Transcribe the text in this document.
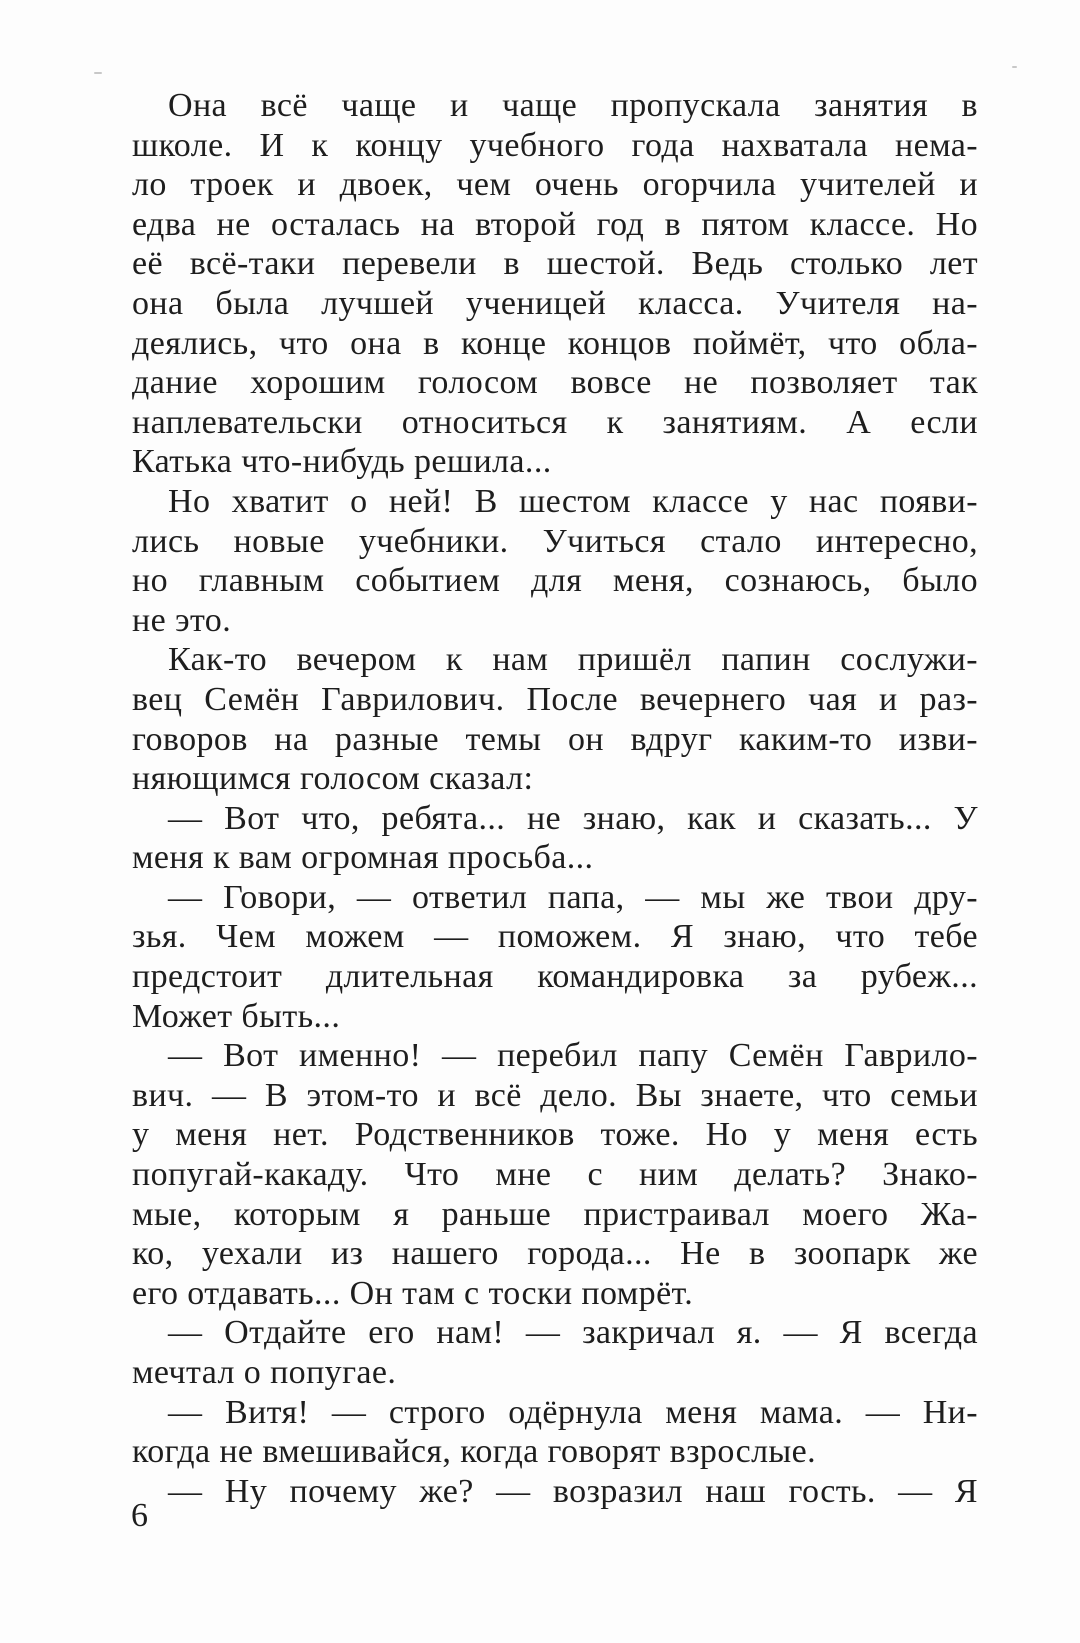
Она всё чаще и чаще пропускала занятия в
школе. И к концу учебного года нахватала нема-
ло троек и двоек, чем очень огорчила учителей и
едва не осталась на второй год в пятом классе. Но
её всё-таки перевели в шестой. Ведь столько лет
она была лучшей ученицей класса. Учителя на-
деялись, что она в конце концов поймёт, что обла-
дание хорошим голосом вовсе не позволяет так
наплевательски относиться к занятиям. А если
Катька что-нибудь решила...
Но хватит о ней! В шестом классе у нас появи-
лись новые учебники. Учиться стало интересно,
но главным событием для меня, сознаюсь, было
не это.
Как-то вечером к нам пришёл папин сослужи-
вец Семён Гаврилович. После вечернего чая и раз-
говоров на разные темы он вдруг каким-то изви-
няющимся голосом сказал:
— Вот что, ребята... не знаю, как и сказать... У
меня к вам огромная просьба...
— Говори, — ответил папа, — мы же твои дру-
зья. Чем можем — поможем. Я знаю, что тебе
предстоит длительная командировка за рубеж...
Может быть...
— Вот именно! — перебил папу Семён Гаврило-
вич. — В этом-то и всё дело. Вы знаете, что семьи
у меня нет. Родственников тоже. Но у меня есть
попугай-какаду. Что мне с ним делать? Знако-
мые, которым я раньше пристраивал моего Жа-
ко, уехали из нашего города... Не в зоопарк же
его отдавать... Он там с тоски помрёт.
— Отдайте его нам! — закричал я. — Я всегда
мечтал о попугае.
— Витя! — строго одёрнула меня мама. — Ни-
когда не вмешивайся, когда говорят взрослые.
— Ну почему же? — возразил наш гость. — Я
6
